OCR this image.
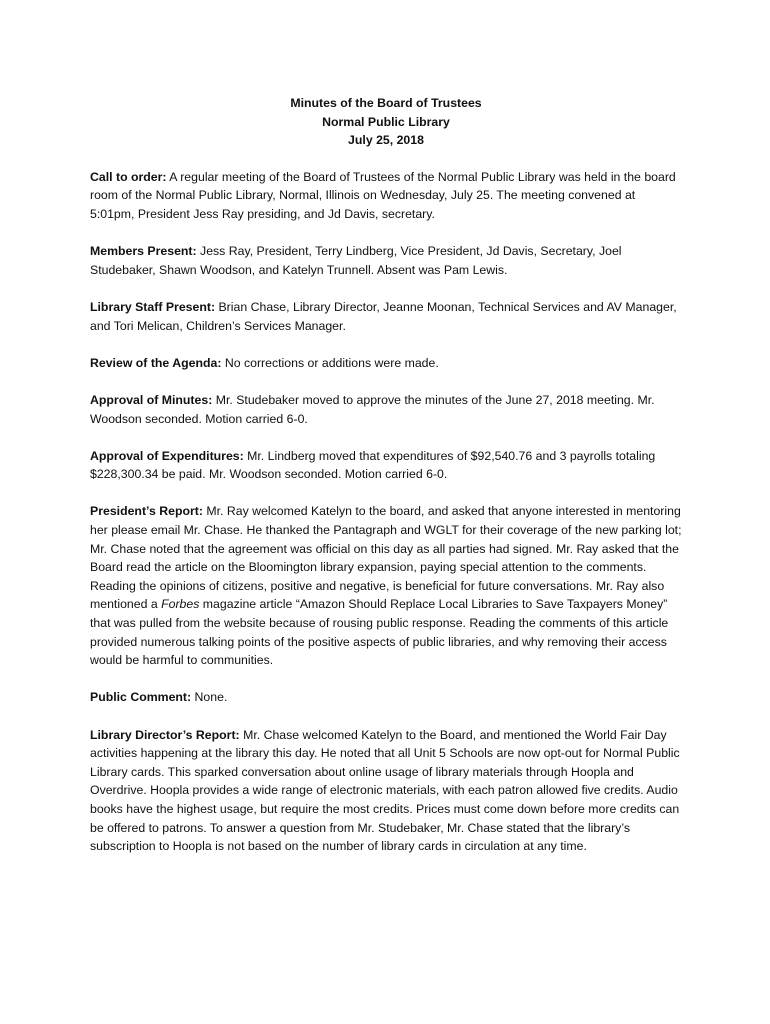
Minutes of the Board of Trustees
Normal Public Library
July 25, 2018

Call to order: A regular meeting of the Board of Trustees of the Normal Public Library was held in the board room of the Normal Public Library, Normal, Illinois on Wednesday, July 25. The meeting convened at 5:01pm, President Jess Ray presiding, and Jd Davis, secretary.

Members Present: Jess Ray, President, Terry Lindberg, Vice President, Jd Davis, Secretary, Joel Studebaker, Shawn Woodson, and Katelyn Trunnell. Absent was Pam Lewis.

Library Staff Present: Brian Chase, Library Director, Jeanne Moonan, Technical Services and AV Manager, and Tori Melican, Children’s Services Manager.

Review of the Agenda: No corrections or additions were made.

Approval of Minutes: Mr. Studebaker moved to approve the minutes of the June 27, 2018 meeting. Mr. Woodson seconded. Motion carried 6-0.

Approval of Expenditures: Mr. Lindberg moved that expenditures of $92,540.76 and 3 payrolls totaling $228,300.34 be paid. Mr. Woodson seconded. Motion carried 6-0.

President’s Report: Mr. Ray welcomed Katelyn to the board, and asked that anyone interested in mentoring her please email Mr. Chase. He thanked the Pantagraph and WGLT for their coverage of the new parking lot; Mr. Chase noted that the agreement was official on this day as all parties had signed. Mr. Ray asked that the Board read the article on the Bloomington library expansion, paying special attention to the comments. Reading the opinions of citizens, positive and negative, is beneficial for future conversations. Mr. Ray also mentioned a Forbes magazine article “Amazon Should Replace Local Libraries to Save Taxpayers Money” that was pulled from the website because of rousing public response. Reading the comments of this article provided numerous talking points of the positive aspects of public libraries, and why removing their access would be harmful to communities.

Public Comment: None.

Library Director’s Report: Mr. Chase welcomed Katelyn to the Board, and mentioned the World Fair Day activities happening at the library this day. He noted that all Unit 5 Schools are now opt-out for Normal Public Library cards. This sparked conversation about online usage of library materials through Hoopla and Overdrive. Hoopla provides a wide range of electronic materials, with each patron allowed five credits. Audio books have the highest usage, but require the most credits. Prices must come down before more credits can be offered to patrons. To answer a question from Mr. Studebaker, Mr. Chase stated that the library’s subscription to Hoopla is not based on the number of library cards in circulation at any time.
